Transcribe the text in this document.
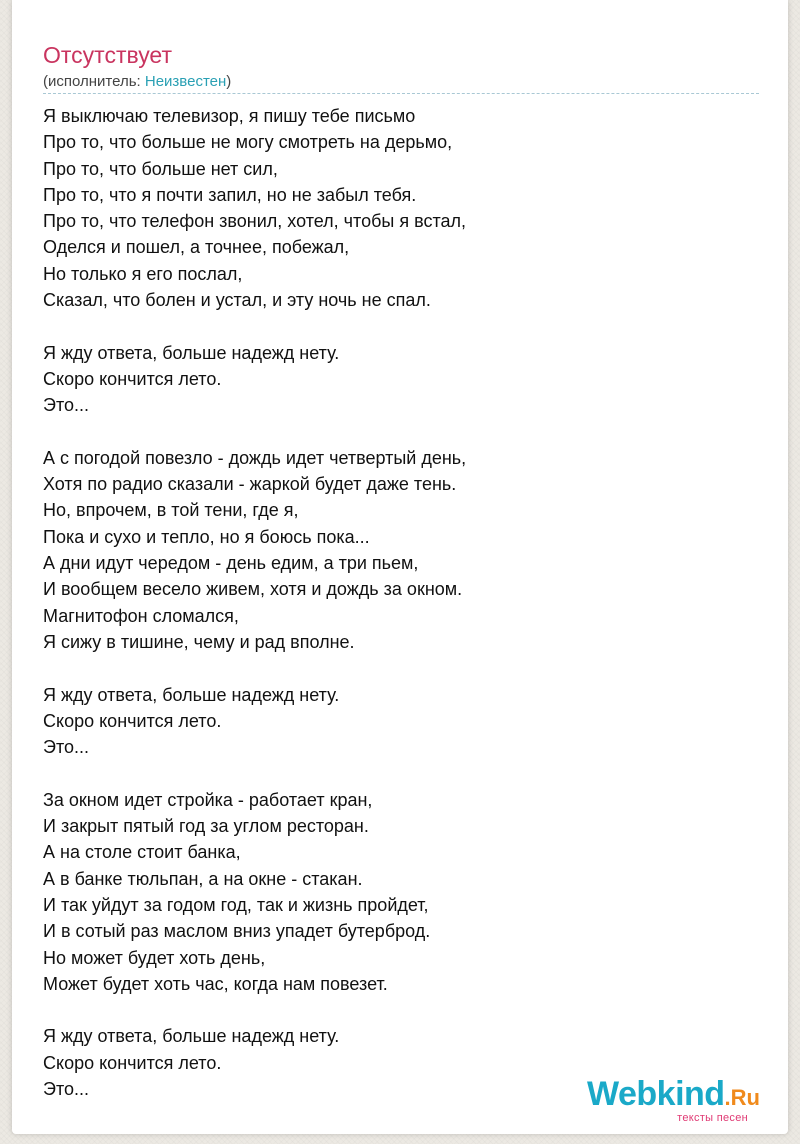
Отсутствует
(исполнитель: Неизвестен)
Я выключаю телевизор, я пишу тебе письмо
Про то, что больше не могу смотреть на дерьмо,
Про то, что больше нет сил,
Про то, что я почти запил, но не забыл тебя.
Про то, что телефон звонил, хотел, чтобы я встал,
Оделся и пошел, а точнее, побежал,
Но только я его послал,
Сказал, что болен и устал, и эту ночь не спал.
Я жду ответа, больше надежд нету.
Скоро кончится лето.
Это...
А с погодой повезло - дождь идет четвертый день,
Хотя по радио сказали - жаркой будет даже тень.
Но, впрочем, в той тени, где я,
Пока и сухо и тепло, но я боюсь пока...
А дни идут чередом - день едим, а три пьем,
И вообщем весело живем, хотя и дождь за окном.
Магнитофон сломался,
Я сижу в тишине, чему и рад вполне.
Я жду ответа, больше надежд нету.
Скоро кончится лето.
Это...
За окном идет стройка - работает кран,
И закрыт пятый год за углом ресторан.
А на столе стоит банка,
А в банке тюльпан, а на окне - стакан.
И так уйдут за годом год, так и жизнь пройдет,
И в сотый раз маслом вниз упадет бутерброд.
Но может будет хоть день,
Может будет хоть час, когда нам повезет.
Я жду ответа, больше надежд нету.
Скоро кончится лето.
Это...	Webkind.Ru
тексты песен
